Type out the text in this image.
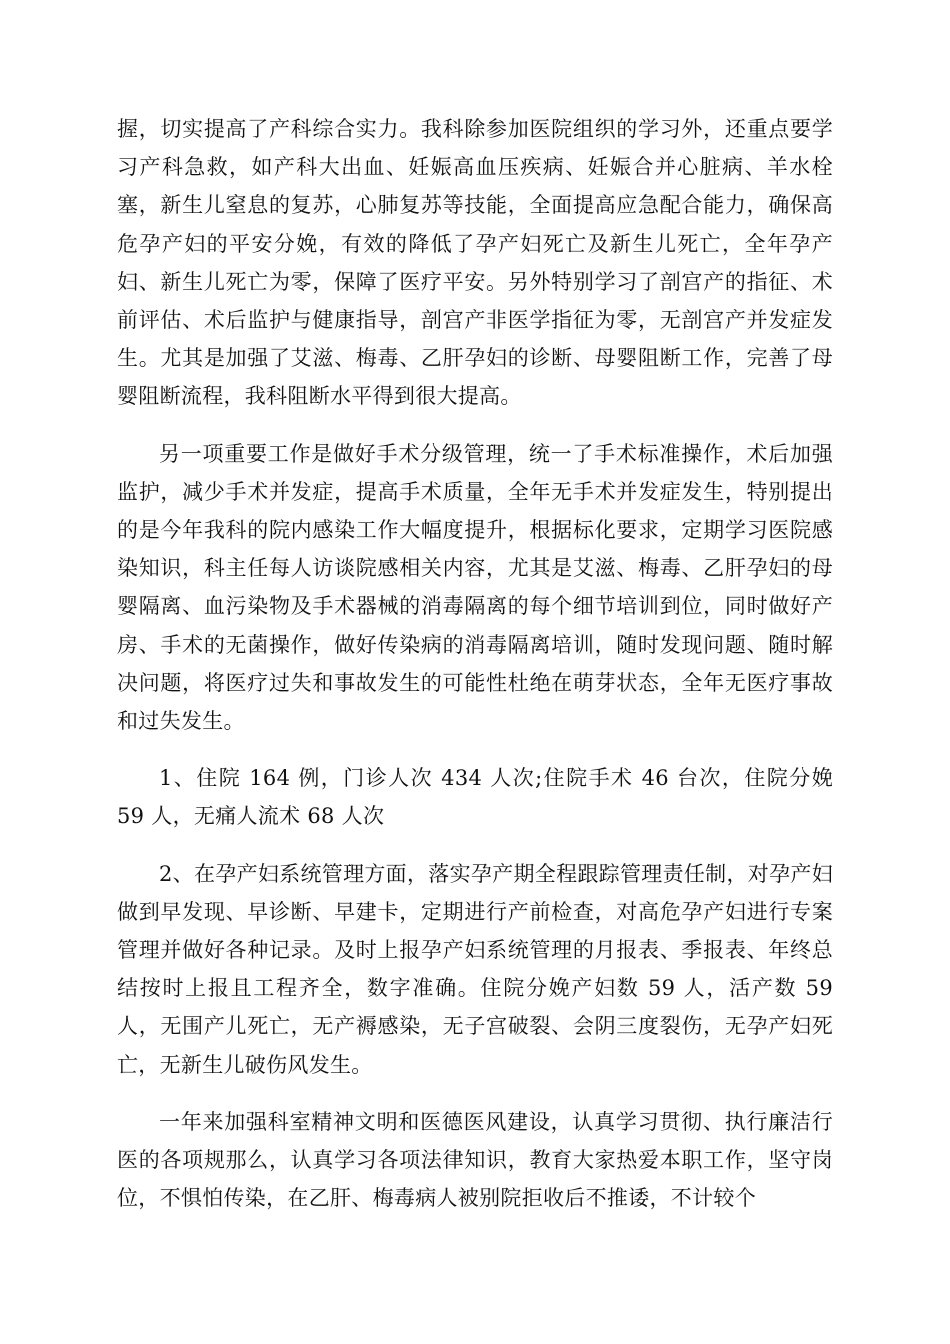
握，切实提高了产科综合实力。我科除参加医院组织的学习外，还重点要学习产科急救，如产科大出血、妊娠高血压疾病、妊娠合并心脏病、羊水栓塞，新生儿窒息的复苏，心肺复苏等技能，全面提高应急配合能力，确保高危孕产妇的平安分娩，有效的降低了孕产妇死亡及新生儿死亡，全年孕产妇、新生儿死亡为零，保障了医疗平安。另外特别学习了剖宫产的指征、术前评估、术后监护与健康指导，剖宫产非医学指征为零，无剖宫产并发症发生。尤其是加强了艾滋、梅毒、乙肝孕妇的诊断、母婴阻断工作，完善了母婴阻断流程，我科阻断水平得到很大提高。

另一项重要工作是做好手术分级管理，统一了手术标准操作，术后加强监护，减少手术并发症，提高手术质量，全年无手术并发症发生，特别提出的是今年我科的院内感染工作大幅度提升，根据标化要求，定期学习医院感染知识，科主任每人访谈院感相关内容，尤其是艾滋、梅毒、乙肝孕妇的母婴隔离、血污染物及手术器械的消毒隔离的每个细节培训到位，同时做好产房、手术的无菌操作，做好传染病的消毒隔离培训，随时发现问题、随时解决问题，将医疗过失和事故发生的可能性杜绝在萌芽状态，全年无医疗事故和过失发生。

1、住院 164 例，门诊人次 434 人次;住院手术 46 台次，住院分娩 59 人，无痛人流术 68 人次

2、在孕产妇系统管理方面，落实孕产期全程跟踪管理责任制，对孕产妇做到早发现、早诊断、早建卡，定期进行产前检查，对高危孕产妇进行专案管理并做好各种记录。及时上报孕产妇系统管理的月报表、季报表、年终总结按时上报且工程齐全，数字准确。住院分娩产妇数 59 人，活产数 59 人，无围产儿死亡，无产褥感染，无子宫破裂、会阴三度裂伤，无孕产妇死亡，无新生儿破伤风发生。

一年来加强科室精神文明和医德医风建设，认真学习贯彻、执行廉洁行医的各项规那么，认真学习各项法律知识，教育大家热爱本职工作，坚守岗位，不惧怕传染，在乙肝、梅毒病人被别院拒收后不推诿，不计较个
